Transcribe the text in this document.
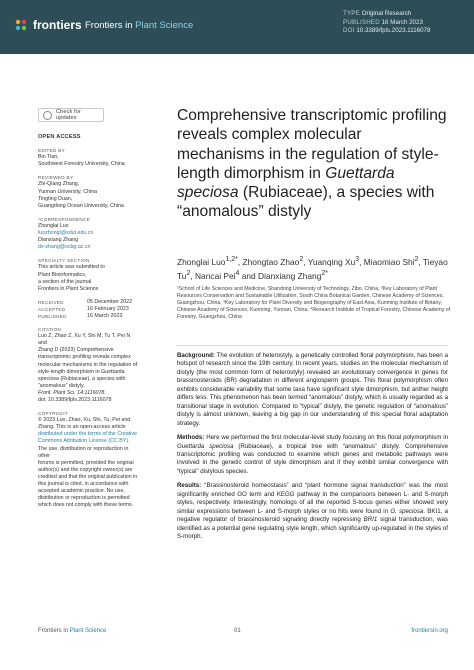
frontiers Frontiers in Plant Science
TYPE Original Research
PUBLISHED 16 March 2023
DOI 10.3389/fpls.2023.1116078
Check for updates
OPEN ACCESS
EDITED BY
Bin Tian,
Southwest Forestry University, China
REVIEWED BY
Zhi-Qiang Zhang,
Yunnan University, China
Tingting Duan,
Guangdong Ocean University, China
*CORRESPONDENCE
Zhonglai Luo
luozhongl@sdut.edu.cn
Dianxiang Zhang
dx-zhang@scbg.ac.cn
SPECIALTY SECTION
This article was submitted to
Plant Bioinformatics,
a section of the journal
Frontiers in Plant Science
RECEIVED	05 December 2022
ACCEPTED	16 February 2023
PUBLISHED	16 March 2023
CITATION
Luo Z, Zhao Z, Xu Y, Shi M, Tu T, Pei N and
Zhang D (2023) Comprehensive
transcriptomic profiling reveals complex
molecular mechanisms in the regulation of
style-length dimorphism in Guettarda
speciosa (Rubiaceae), a species with
“anomalous” distyly.
Front. Plant Sci. 14:1116078.
doi: 10.3389/fpls.2023.1116078
COPYRIGHT
© 2023 Luo, Zhao, Xu, Shi, Tu, Pei and
Zhang. This is an open-access article
distributed under the terms of the Creative
Commons Attribution License (CC BY).
The use, distribution or reproduction in other
forums is permitted, provided the original
author(s) and the copyright owner(s) are
credited and that the original publication in
this journal is cited, in accordance with
accepted academic practice. No use,
distribution or reproduction is permitted
which does not comply with these terms.
Comprehensive transcriptomic profiling reveals complex molecular mechanisms in the regulation of style-length dimorphism in Guettarda speciosa (Rubiaceae), a species with “anomalous” distyly
Zhonglai Luo$^{1,2*}$, Zhongtao Zhao$^2$, Yuanqing Xu$^3$, Miaomiao Shi$^2$, Tieyao Tu$^2$, Nancai Pei$^4$ and Dianxiang Zhang$^{2*}$
¹School of Life Sciences and Medicine, Shandong University of Technology, Zibo, China, ²Key Laboratory of Plant Resources Conservation and Sustainable Utilization, South China Botanical Garden, Chinese Academy of Sciences, Guangzhou, China, ³Key Laboratory for Plant Diversity and Biogeography of East Asia, Kunming Institute of Botany, Chinese Academy of Sciences, Kunming, Yunnan, China, ⁴Research Institute of Tropical Forestry, Chinese Academy of Forestry, Guangzhou, China

Background: The evolution of heterostyly, a genetically controlled floral polymorphism, has been a hotspot of research since the 19th century. In recent years, studies on the molecular mechanism of distyly (the most common form of heterostyly) revealed an evolutionary convergence in genes for brassinosteroids (BR) degradation in different angiosperm groups. This floral polymorphism often exhibits considerable variability that some taxa have significant style dimorphism, but anther height differs less. This phenomenon has been termed “anomalous” distyly, which is usually regarded as a transitional stage in evolution. Compared to “typical” distyly, the genetic regulation of “anomalous” distyly is almost unknown, leaving a big gap in our understanding of this special floral adaptation strategy.

Methods: Here we performed the first molecular-level study focusing on this floral polymorphism in Guettarda speciosa (Rubiaceae), a tropical tree with “anomalous” distyly. Comprehensive transcriptomic profiling was conducted to examine which genes and metabolic pathways were involved in the genetic control of style dimorphism and if they exhibit similar convergence with “typical” distylous species.

Results: “Brassinosteroid homeostasis” and “plant hormone signal transduction” was the most significantly enriched GO term and KEGG pathway in the comparisons between L- and S-morph styles, respectively. Interestingly, homologs of all the reported S-locus genes either showed very similar expressions between L- and S-morph styles or no hits were found in G. speciosa. BKI1, a negative regulator of brassinosteroid signaling directly repressing BRI1 signal transduction, was identified as a potential gene regulating style length, which significantly up-regulated in the styles of S-morph.

Frontiers in Plant Science	01	frontiersin.org
